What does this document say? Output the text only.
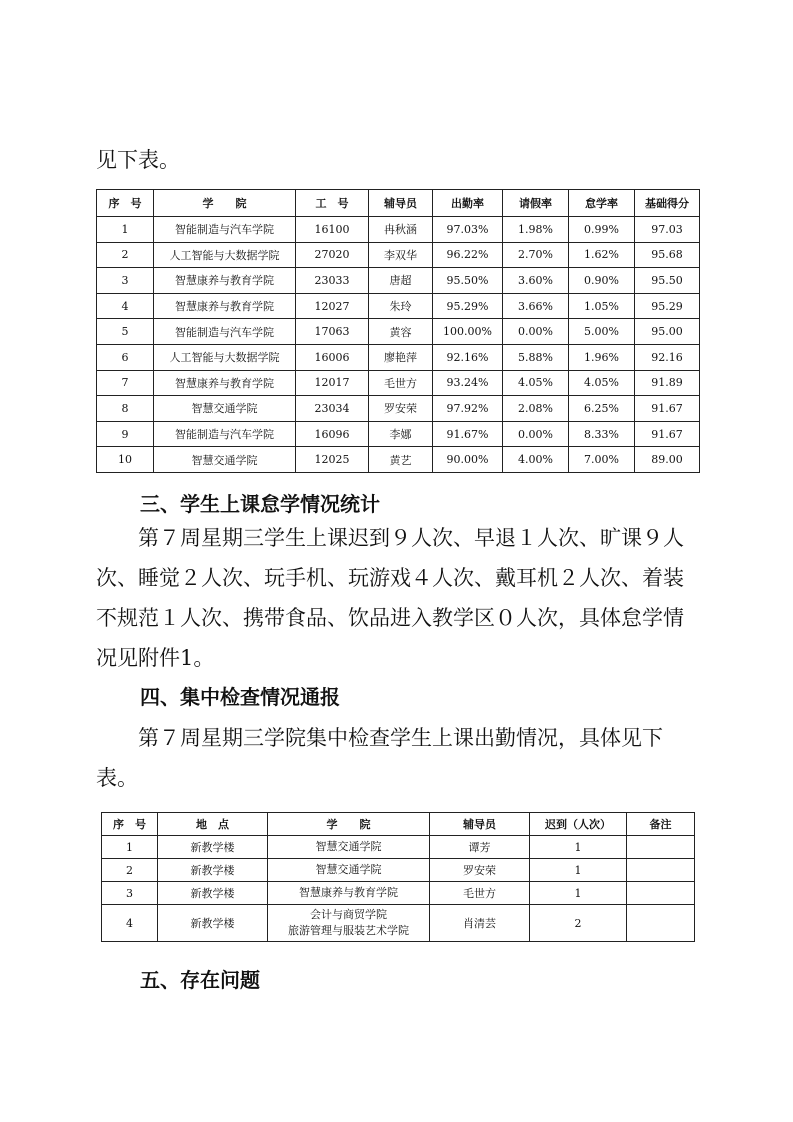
见下表。

序　号	学　　院	工　号	辅导员	出勤率	请假率	怠学率	基础得分
1	智能制造与汽车学院	16100	冉秋涵	97.03%	1.98%	0.99%	97.03
2	人工智能与大数据学院	27020	李双华	96.22%	2.70%	1.62%	95.68
3	智慧康养与教育学院	23033	唐超	95.50%	3.60%	0.90%	95.50
4	智慧康养与教育学院	12027	朱玲	95.29%	3.66%	1.05%	95.29
5	智能制造与汽车学院	17063	黄容	100.00%	0.00%	5.00%	95.00
6	人工智能与大数据学院	16006	廖艳萍	92.16%	5.88%	1.96%	92.16
7	智慧康养与教育学院	12017	毛世方	93.24%	4.05%	4.05%	91.89
8	智慧交通学院	23034	罗安荣	97.92%	2.08%	6.25%	91.67
9	智能制造与汽车学院	16096	李娜	91.67%	0.00%	8.33%	91.67
10	智慧交通学院	12025	黄艺	90.00%	4.00%	7.00%	89.00
三、学生上课怠学情况统计

第７周星期三学生上课迟到９人次、早退１人次、旷课９人次、睡觉２人次、玩手机、玩游戏４人次、戴耳机２人次、着装不规范１人次、携带食品、饮品进入教学区０人次，具体怠学情况见附件1。

四、集中检查情况通报

第７周星期三学院集中检查学生上课出勤情况，具体见下表。

序　号	地　点	学　　院	辅导员	迟到（人次）	备注
1	新教学楼	智慧交通学院	谭芳	1	
2	新教学楼	智慧交通学院	罗安荣	1	
3	新教学楼	智慧康养与教育学院	毛世方	1	
4	新教学楼	会计与商贸学院
旅游管理与服装艺术学院	肖清芸	2	
五、存在问题
